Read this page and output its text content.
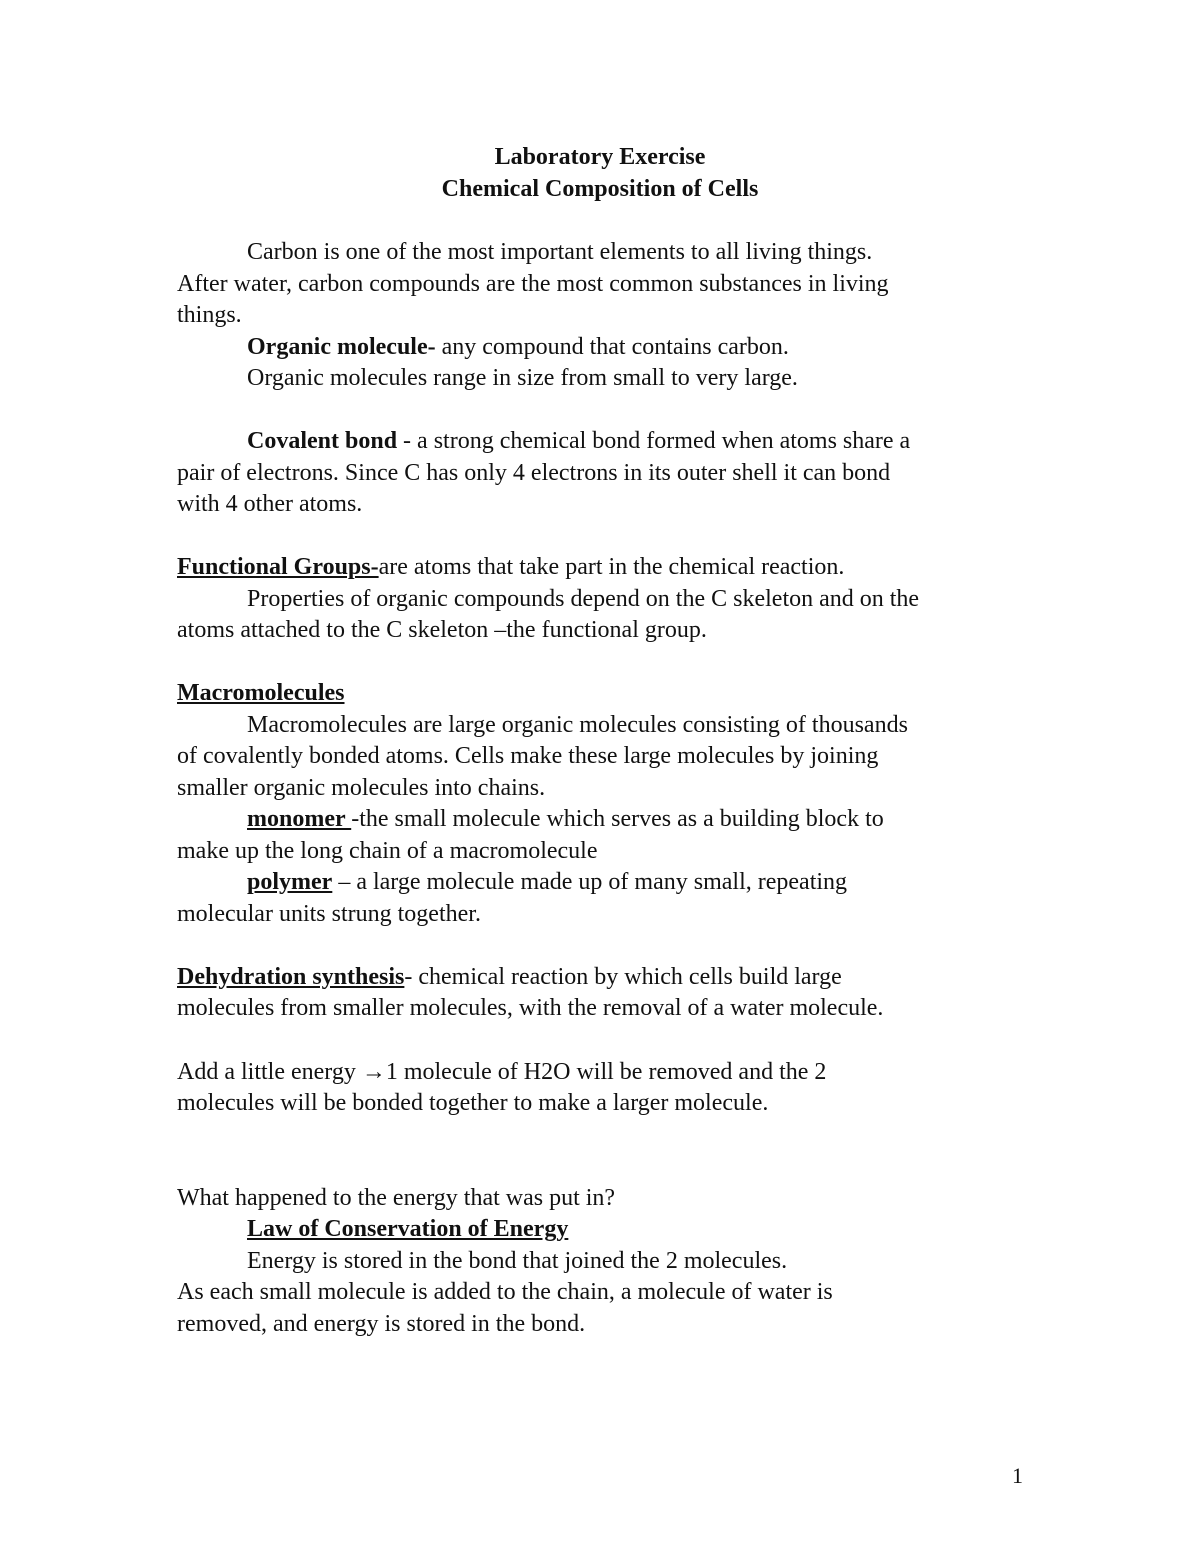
Laboratory Exercise
Chemical Composition of Cells
Carbon is one of the most important elements to all living things.
After water, carbon compounds are the most common substances in living
things.
Organic molecule- any compound that contains carbon.
Organic molecules range in size from small to very large.
Covalent bond - a strong chemical bond formed when atoms share a
pair of electrons. Since C has only 4 electrons in its outer shell it can bond
with 4 other atoms.
Functional Groups-are atoms that take part in the chemical reaction.
Properties of organic compounds depend on the C skeleton and on the
atoms attached to the C skeleton –the functional group.
Macromolecules
Macromolecules are large organic molecules consisting of thousands
of covalently bonded atoms. Cells make these large molecules by joining
smaller organic molecules into chains.
monomer -the small molecule which serves as a building block to
make up the long chain of a macromolecule
polymer – a large molecule made up of many small, repeating
molecular units strung together.
Dehydration synthesis- chemical reaction by which cells build large
molecules from smaller molecules, with the removal of a water molecule.
Add a little energy →1 molecule of H2O will be removed and the 2
molecules will be bonded together to make a larger molecule.
What happened to the energy that was put in?
Law of Conservation of Energy
Energy is stored in the bond that joined the 2 molecules.
As each small molecule is added to the chain, a molecule of water is
removed, and energy is stored in the bond.
1
